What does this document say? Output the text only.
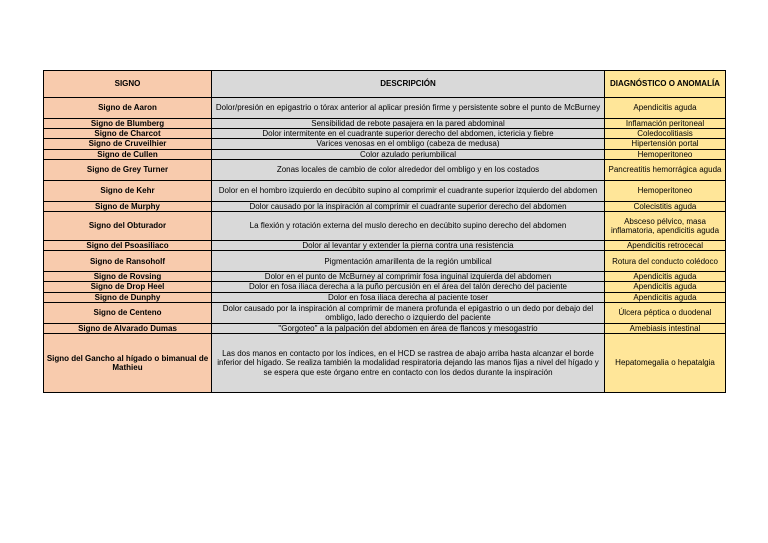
SIGNO	DESCRIPCIÓN	DIAGNÓSTICO O ANOMALÍA
Signo de Aaron	Dolor/presión en epigastrio o tórax anterior al aplicar presión firme y persistente sobre el punto de McBurney	Apendicitis aguda
Signo de Blumberg	Sensibilidad de rebote pasajera en la pared abdominal	Inflamación peritoneal
Signo de Charcot	Dolor intermitente en el cuadrante superior derecho del abdomen, ictericia y fiebre	Coledocolitiasis
Signo de Cruveilhier	Varices venosas en el ombligo (cabeza de medusa)	Hipertensión portal
Signo de Cullen	Color azulado periumbilical	Hemoperitoneo
Signo de Grey Turner	Zonas locales de cambio de color alrededor del ombligo y en los costados	Pancreatitis hemorrágica aguda
Signo de Kehr	Dolor en el hombro izquierdo en decúbito supino al comprimir el cuadrante superior izquierdo del abdomen	Hemoperitoneo
Signo de Murphy	Dolor causado por la inspiración al comprimir el cuadrante superior derecho del abdomen	Colecistitis aguda
Signo del Obturador	La flexión y rotación externa del muslo derecho en decúbito supino derecho del abdomen	Absceso pélvico, masa inflamatoria, apendicitis aguda
Signo del Psoasiliaco	Dolor al levantar y extender la pierna contra una resistencia	Apendicitis retrocecal
Signo de Ransoholf	Pigmentación amarillenta de la región umbilical	Rotura del conducto colédoco
Signo de Rovsing	Dolor en el punto de McBurney al comprimir fosa inguinal izquierda del abdomen	Apendicitis aguda
Signo de Drop Heel	Dolor en fosa iliaca derecha a la puño percusión en el área del talón derecho del paciente	Apendicitis aguda
Signo de Dunphy	Dolor en fosa iliaca derecha al paciente toser	Apendicitis aguda
Signo de Centeno	Dolor causado por la inspiración al comprimir de manera profunda el epigastrio o un dedo por debajo del ombligo, lado derecho o izquierdo del paciente	Úlcera péptica o duodenal
Signo de Alvarado Dumas	"Gorgoteo" a la palpación del abdomen en área de flancos y mesogastrio	Amebiasis intestinal
Signo del Gancho al hígado o bimanual de Mathieu	Las dos manos en contacto por los índices, en el HCD se rastrea de abajo arriba hasta alcanzar el borde inferior del hígado. Se realiza también la modalidad respiratoria dejando las manos fijas a nivel del hígado y se espera que este órgano entre en contacto con los dedos durante la inspiración	Hepatomegalia o hepatalgia
